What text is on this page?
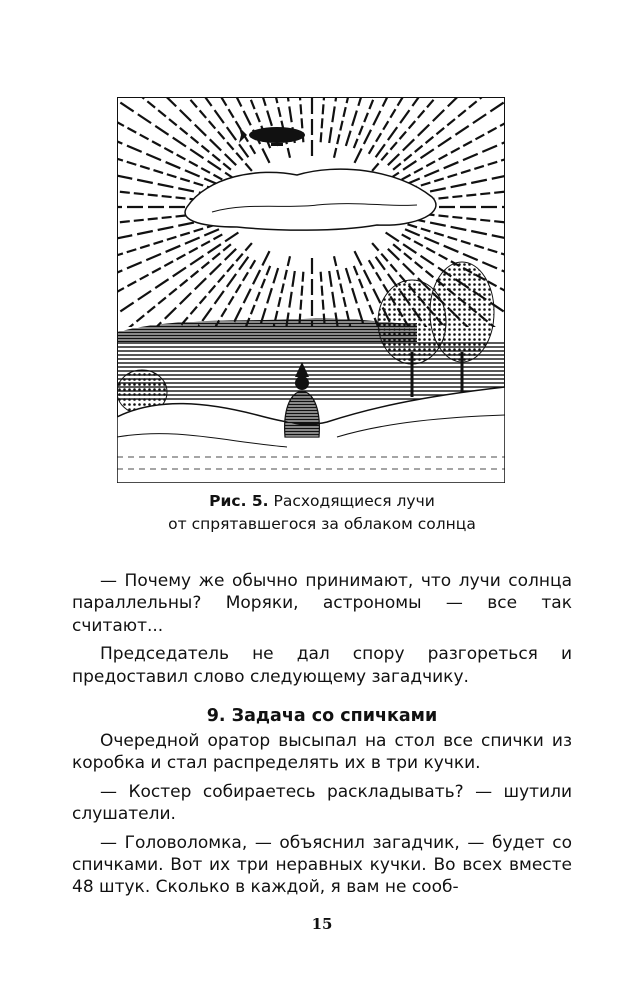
Рис. 5. Расходящиеся лучи
от спрятавшегося за облаком солнца

— Почему же обычно принимают, что лучи солнца параллельны? Моряки, астрономы — все так считают...

Председатель не дал спору разгореться и предоставил слово следующему загадчику.

9. Задача со спичками

Очередной оратор высыпал на стол все спички из коробка и стал распределять их в три кучки.

— Костер собираетесь раскладывать? — шутили слушатели.

— Головоломка, — объяснил загадчик, — будет со спичками. Вот их три неравных кучки. Во всех вместе 48 штук. Сколько в каждой, я вам не сооб-

15
